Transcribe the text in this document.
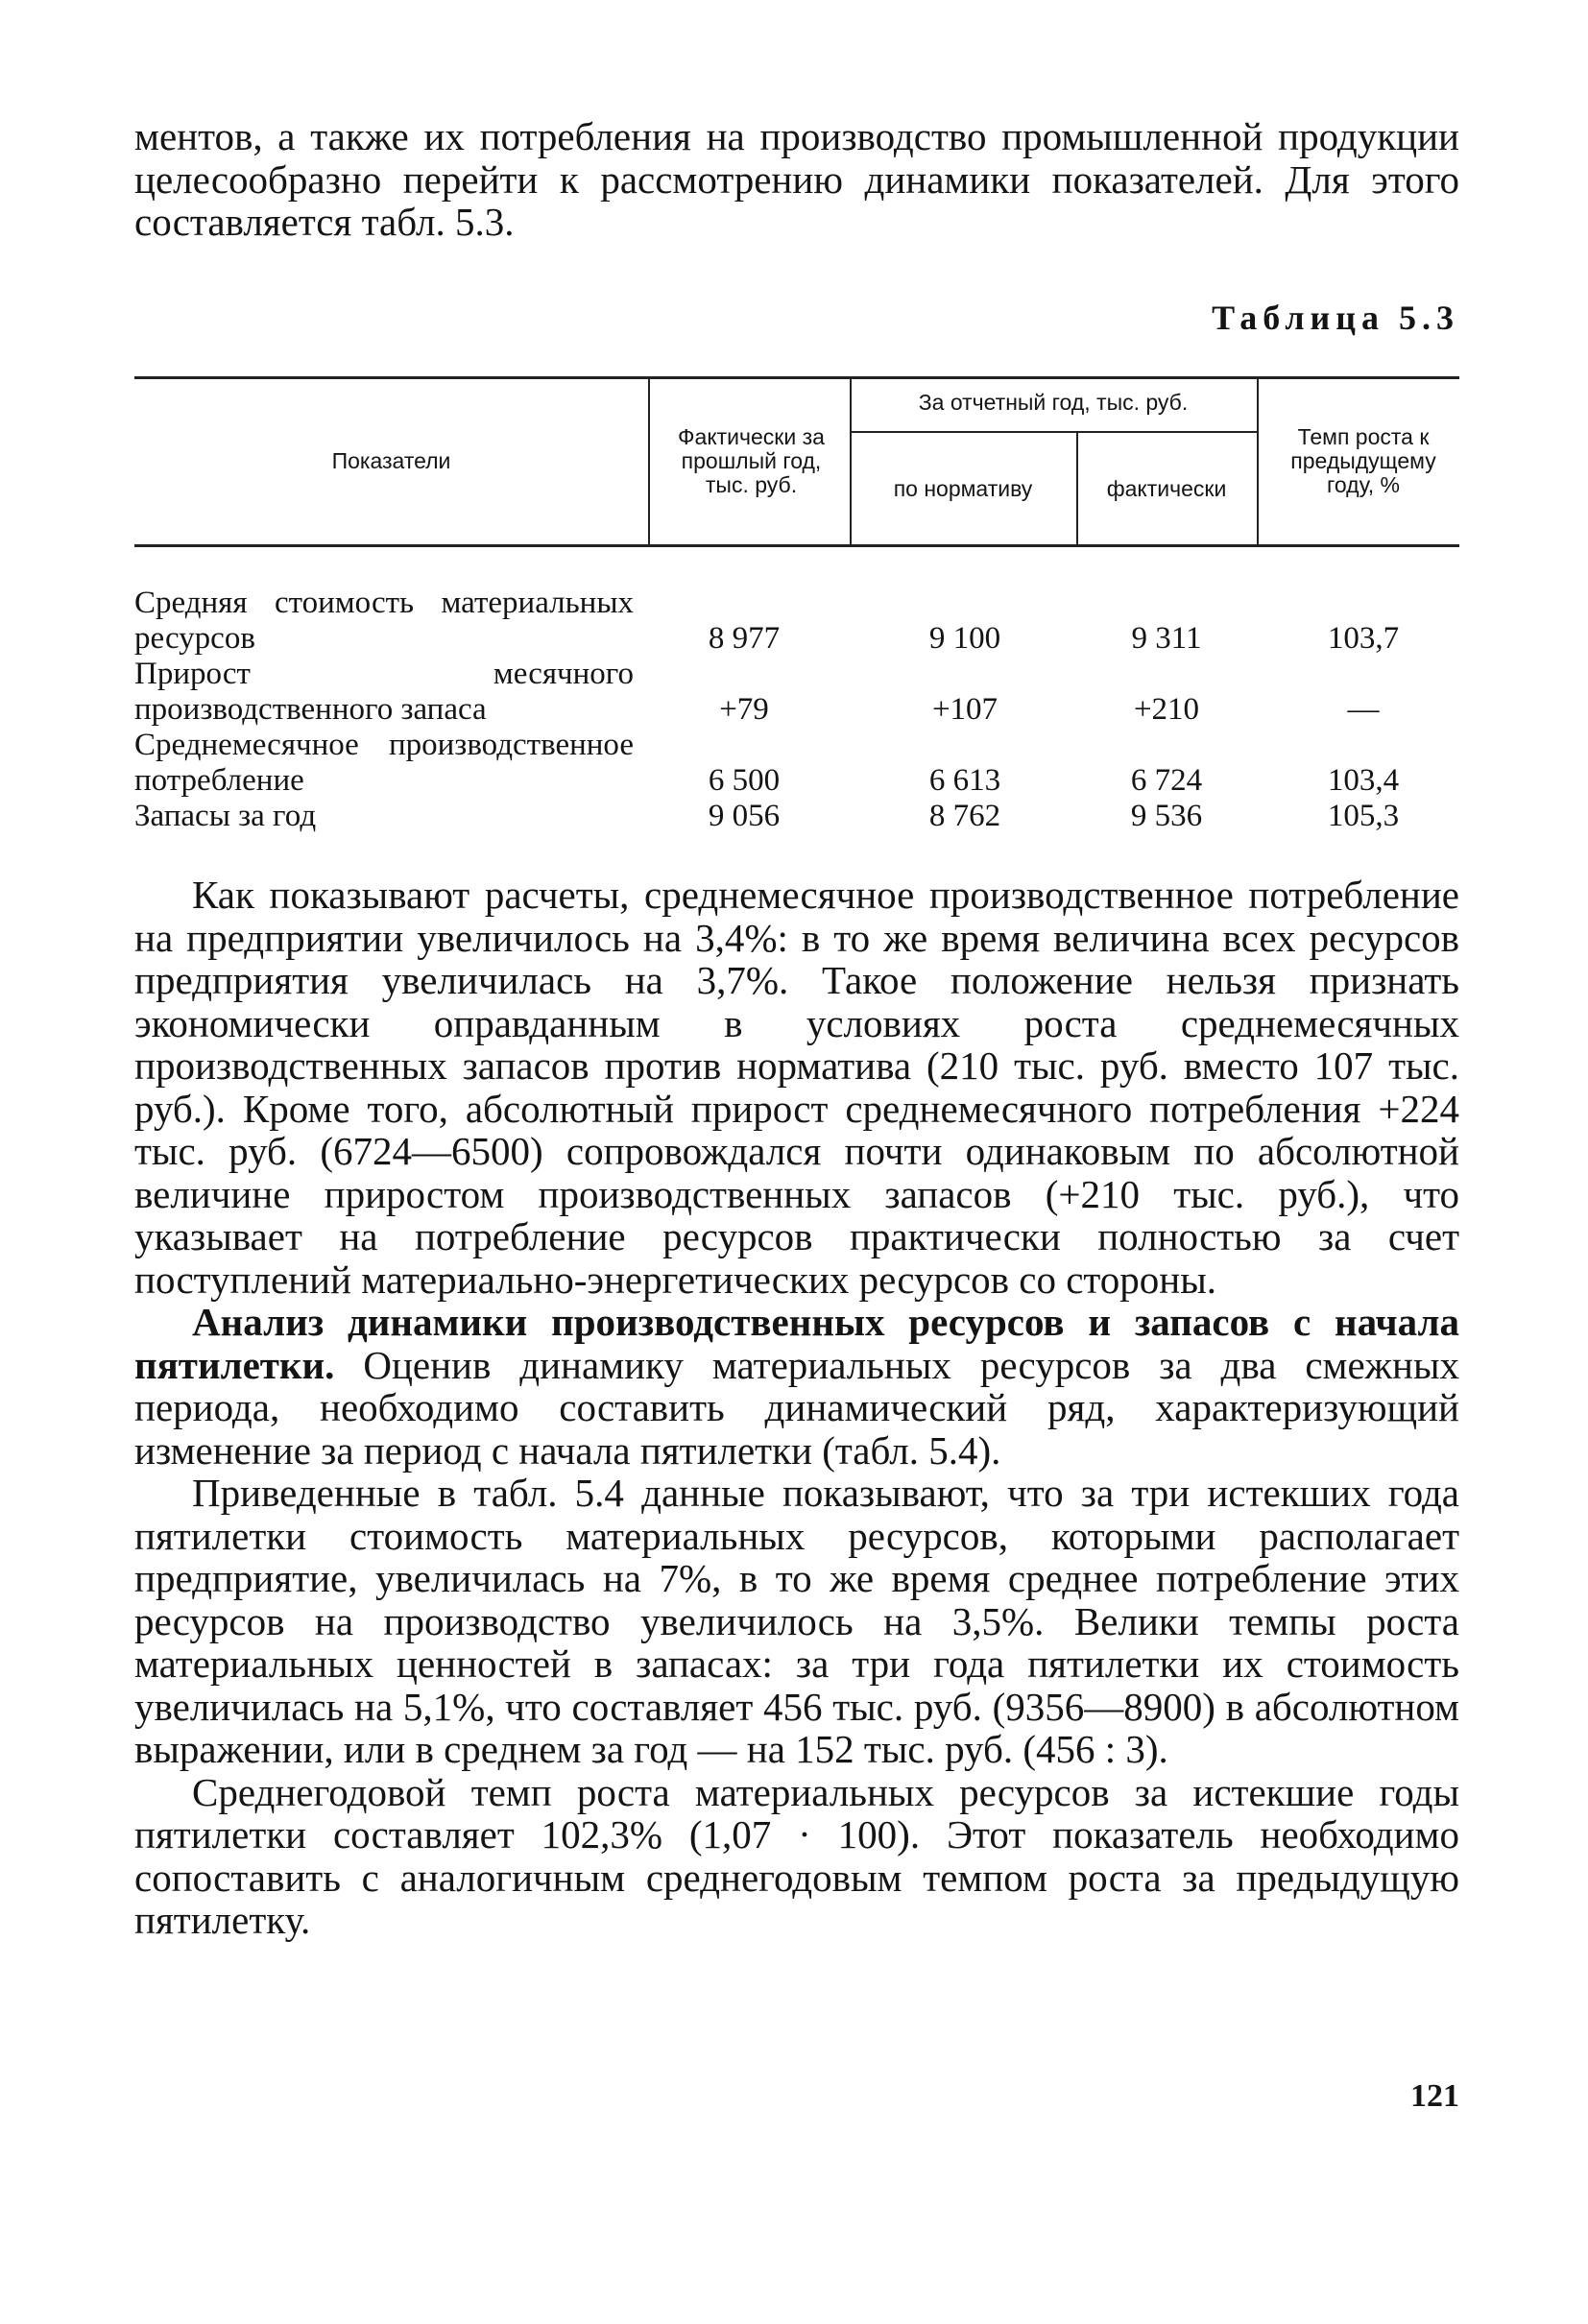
ментов, а также их потребления на производство промышленной продукции целесообразно перейти к рассмотрению динамики показателей. Для этого составляется табл. 5.3.

Таблица 5.3
Показатели
Фактически за прошлый год, тыс. руб.
За отчетный год, тыс. руб.
по нормативу	фактически
Темп роста к предыдущему году, %
Средняя стоимость материальных ресурсов	8 977	9 100	9 311	103,7
Прирост месячного производственного запаса	+79	+107	+210	—
Среднемесячное производственное потребление	6 500	6 613	6 724	103,4
Запасы за год	9 056	8 762	9 536	105,3

Как показывают расчеты, среднемесячное производственное потребление на предприятии увеличилось на 3,4%: в то же время величина всех ресурсов предприятия увеличилась на 3,7%. Такое положение нельзя признать экономически оправданным в условиях роста среднемесячных производственных запасов против норматива (210 тыс. руб. вместо 107 тыс. руб.). Кроме того, абсолютный прирост среднемесячного потребления +224 тыс. руб. (6724—6500) сопровождался почти одинаковым по абсолютной величине приростом производственных запасов (+210 тыс. руб.), что указывает на потребление ресурсов практически полностью за счет поступлений материально-энергетических ресурсов со стороны.

Анализ динамики производственных ресурсов и запасов с начала пятилетки. Оценив динамику материальных ресурсов за два смежных периода, необходимо составить динамический ряд, характеризующий изменение за период с начала пятилетки (табл. 5.4).

Приведенные в табл. 5.4 данные показывают, что за три истекших года пятилетки стоимость материальных ресурсов, которыми располагает предприятие, увеличилась на 7%, в то же время среднее потребление этих ресурсов на производство увеличилось на 3,5%. Велики темпы роста материальных ценностей в запасах: за три года пятилетки их стоимость увеличилась на 5,1%, что составляет 456 тыс. руб. (9356—8900) в абсолютном выражении, или в среднем за год — на 152 тыс. руб. (456 : 3).

Среднегодовой темп роста материальных ресурсов за истекшие годы пятилетки составляет 102,3% (1,07 · 100). Этот показатель необходимо сопоставить с аналогичным среднегодовым темпом роста за предыдущую пятилетку.

121
